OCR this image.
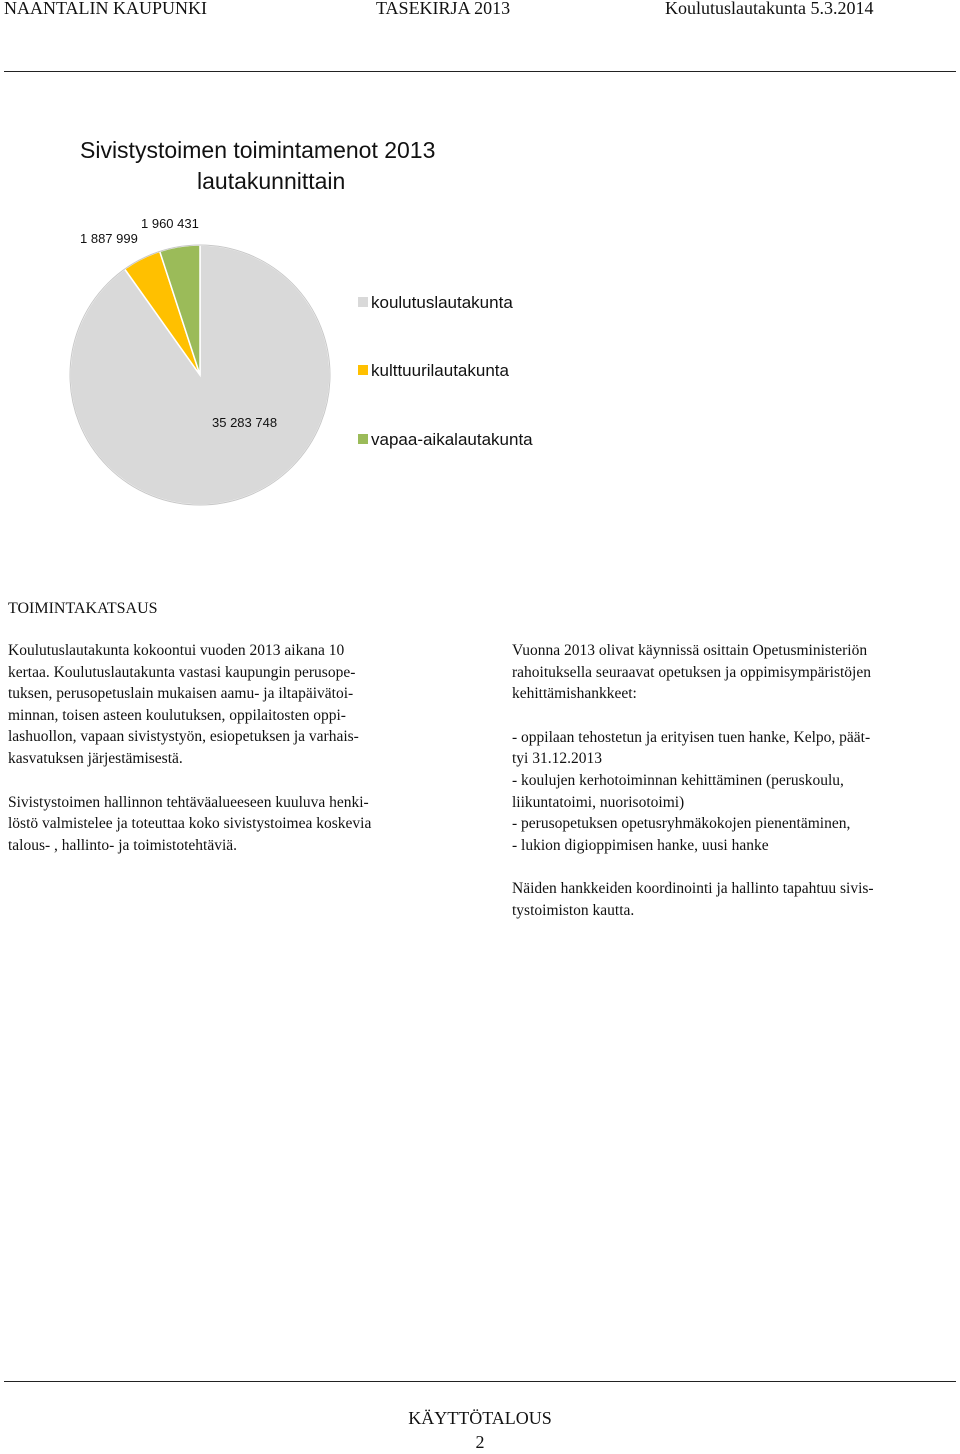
NAANTALIN KAUPUNKI	TASEKIRJA 2013	Koulutuslautakunta 5.3.2014
Sivistystoimen toimintamenot 2013
lautakunnittain
35 283 748
1 887 999
1 960 431
koulutuslautakunta
kulttuurilautakunta
vapaa-aikalautakunta
TOIMINTAKATSAUS

Koulutuslautakunta kokoontui vuoden 2013 aikana 10
kertaa. Koulutuslautakunta vastasi kaupungin perusope-
tuksen, perusopetuslain mukaisen aamu- ja iltapäivätoi-
minnan, toisen asteen koulutuksen, oppilaitosten oppi-
lashuollon, vapaan sivistystyön, esiopetuksen ja varhais-
kasvatuksen järjestämisestä.

Sivistystoimen hallinnon tehtäväalueeseen kuuluva henki-
löstö valmistelee ja toteuttaa koko sivistystoimea koskevia
talous- , hallinto- ja toimistotehtäviä.

Vuonna 2013 olivat käynnissä osittain Opetusministeriön
rahoituksella seuraavat opetuksen ja oppimisympäristöjen
kehittämishankkeet:

- oppilaan tehostetun ja erityisen tuen hanke, Kelpo, päät-
tyi 31.12.2013
- koulujen kerhotoiminnan kehittäminen (peruskoulu,
liikuntatoimi, nuorisotoimi)
- perusopetuksen opetusryhmäkokojen pienentäminen,
- lukion digioppimisen hanke, uusi hanke

Näiden hankkeiden koordinointi ja hallinto tapahtuu sivis-
tystoimiston kautta.

KÄYTTÖTALOUS
2
